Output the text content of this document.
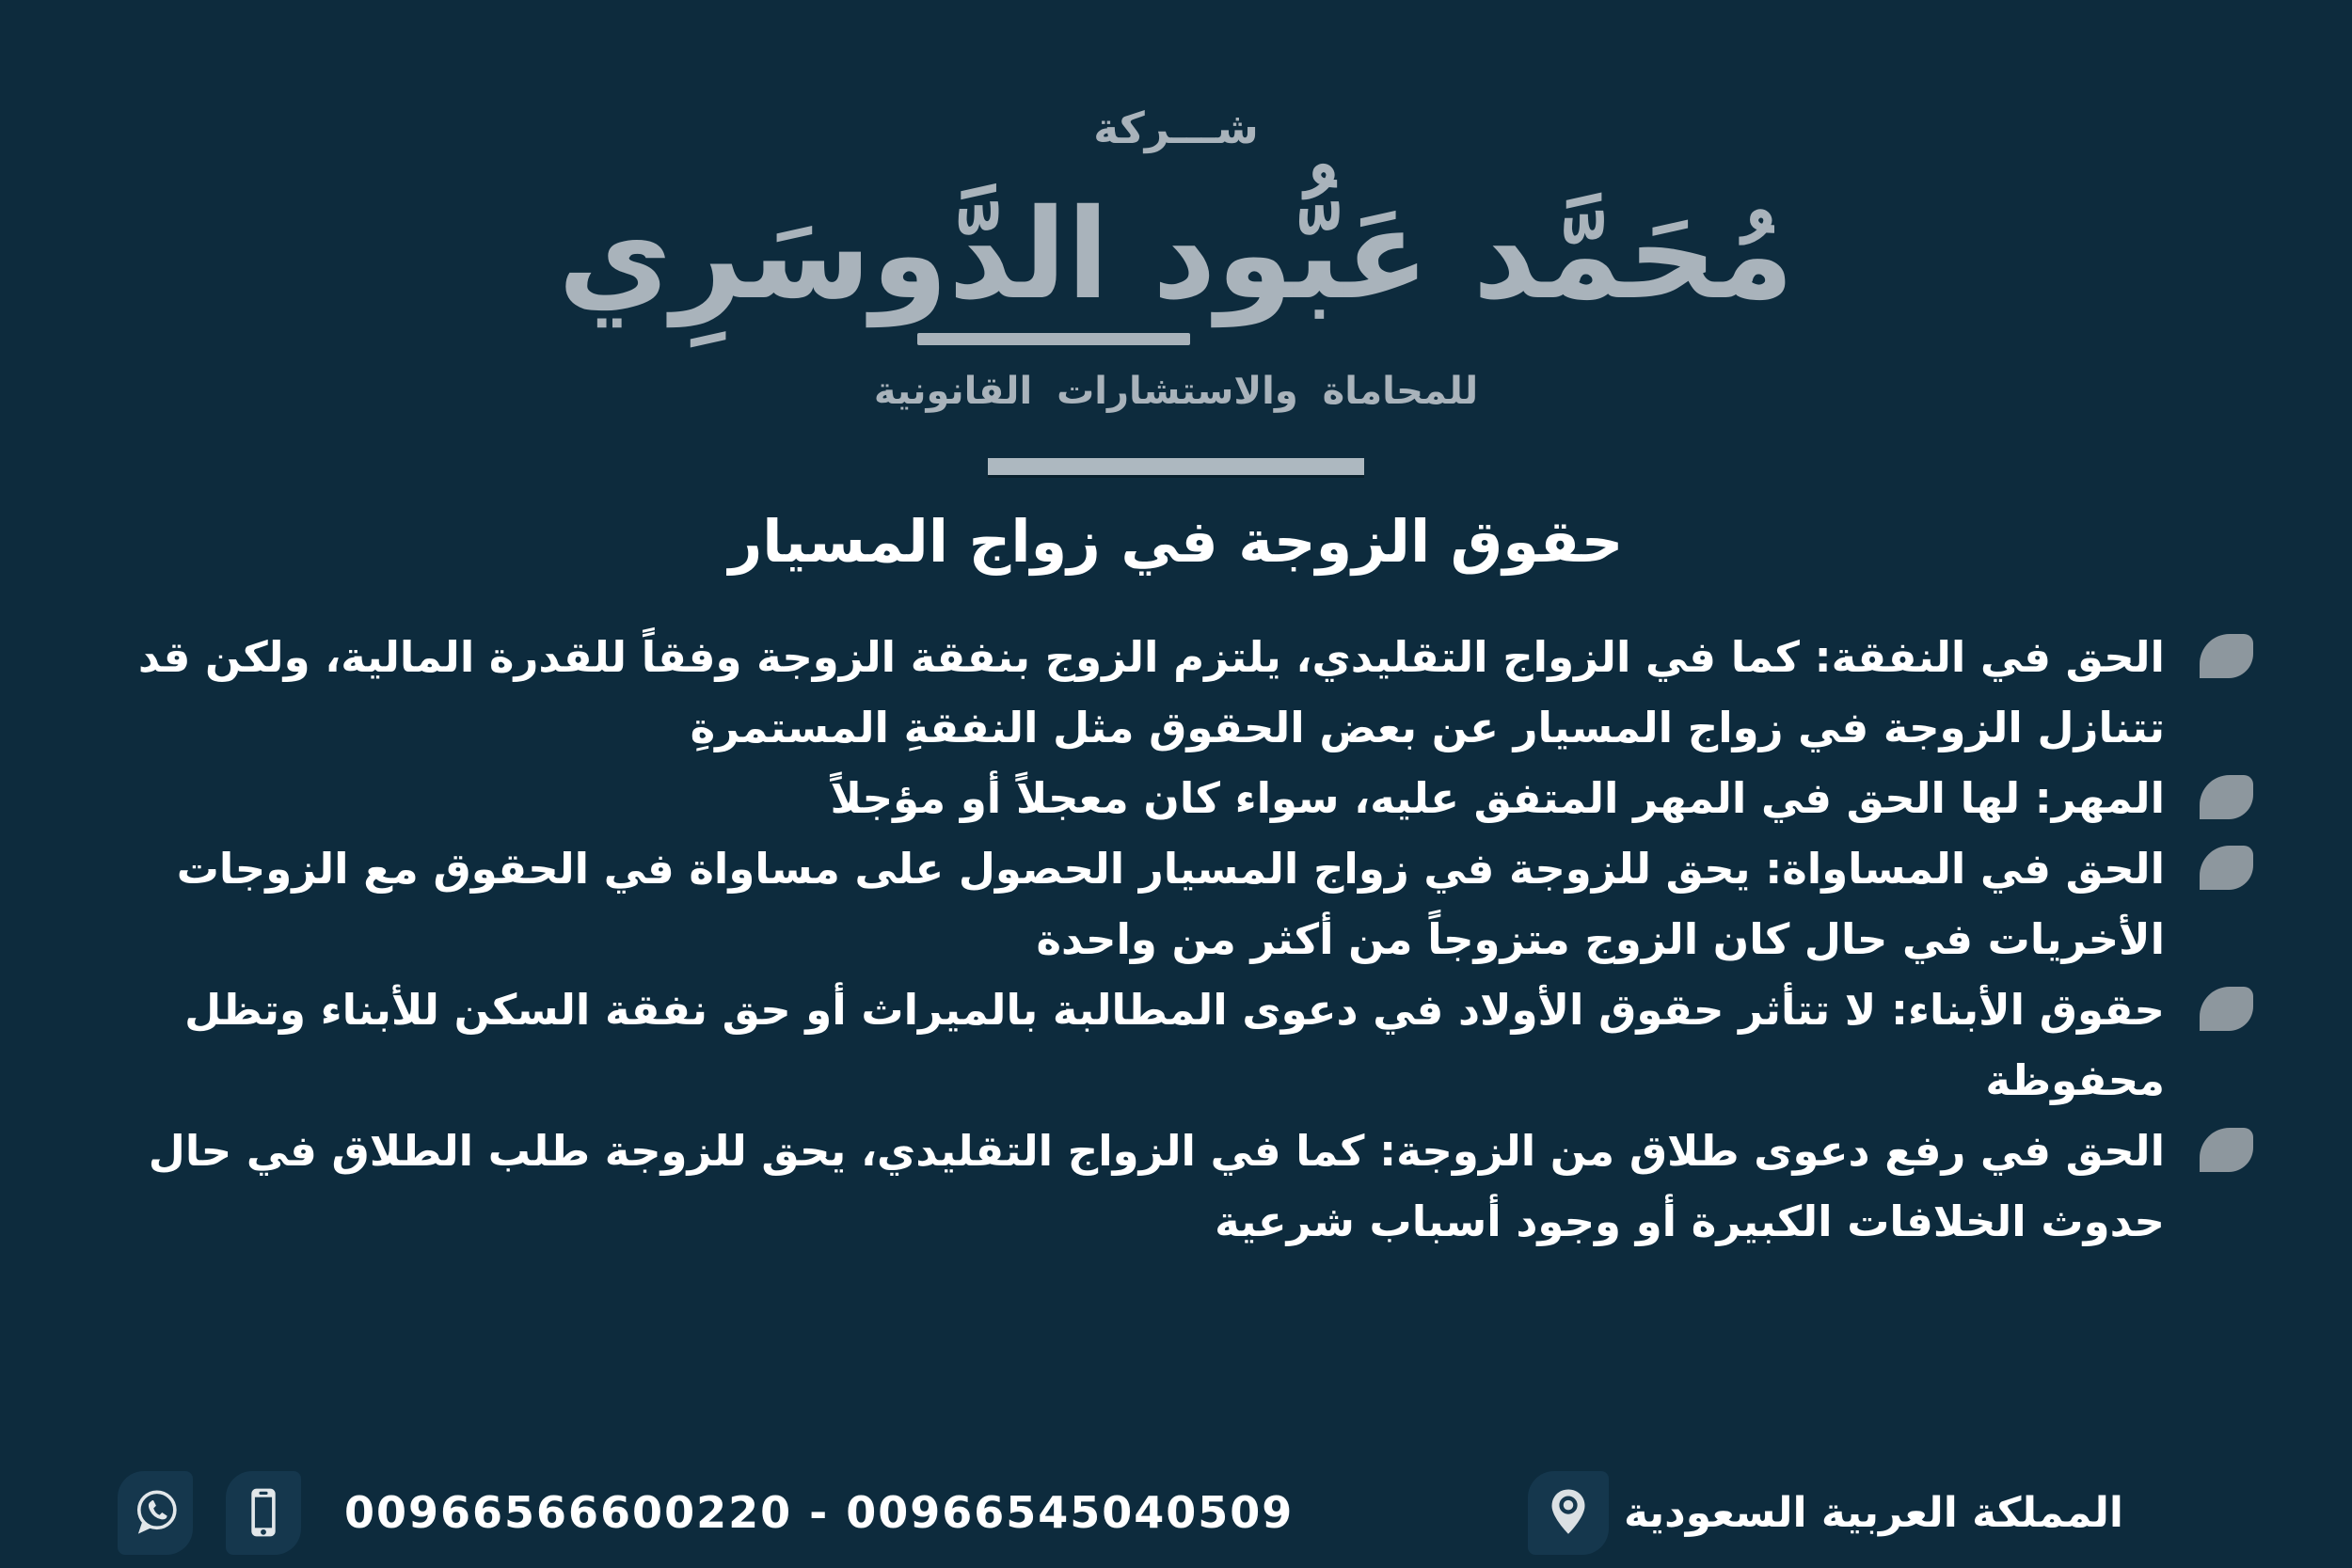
شـــركة
مُحَمَّد عَبُّود الدَّوسَرِي
للمحاماة والاستشارات القانونية
حقوق الزوجة في زواج المسيار

الحق في النفقة: كما في الزواج التقليدي، يلتزم الزوج بنفقة الزوجة وفقاً للقدرة المالية، ولكن قد تتنازل الزوجة في زواج المسيار عن بعض الحقوق مثل النفقةِ المستمرةِ

المهر: لها الحق في المهر المتفق عليه، سواء كان معجلاً أو مؤجلاً

الحق في المساواة: يحق للزوجة في زواج المسيار الحصول على مساواة في الحقوق مع الزوجات الأخريات في حال كان الزوج متزوجاً من أكثر من واحدة

حقوق الأبناء: لا تتأثر حقوق الأولاد في دعوى المطالبة بالميراث أو حق نفقة السكن للأبناء وتظل محفوظة

الحق في رفع دعوى طلاق من الزوجة: كما في الزواج التقليدي، يحق للزوجة طلب الطلاق في حال حدوث الخلافات الكبيرة أو وجود أسباب شرعية

00966566600220 - 00966545040509	المملكة العربية السعودية
